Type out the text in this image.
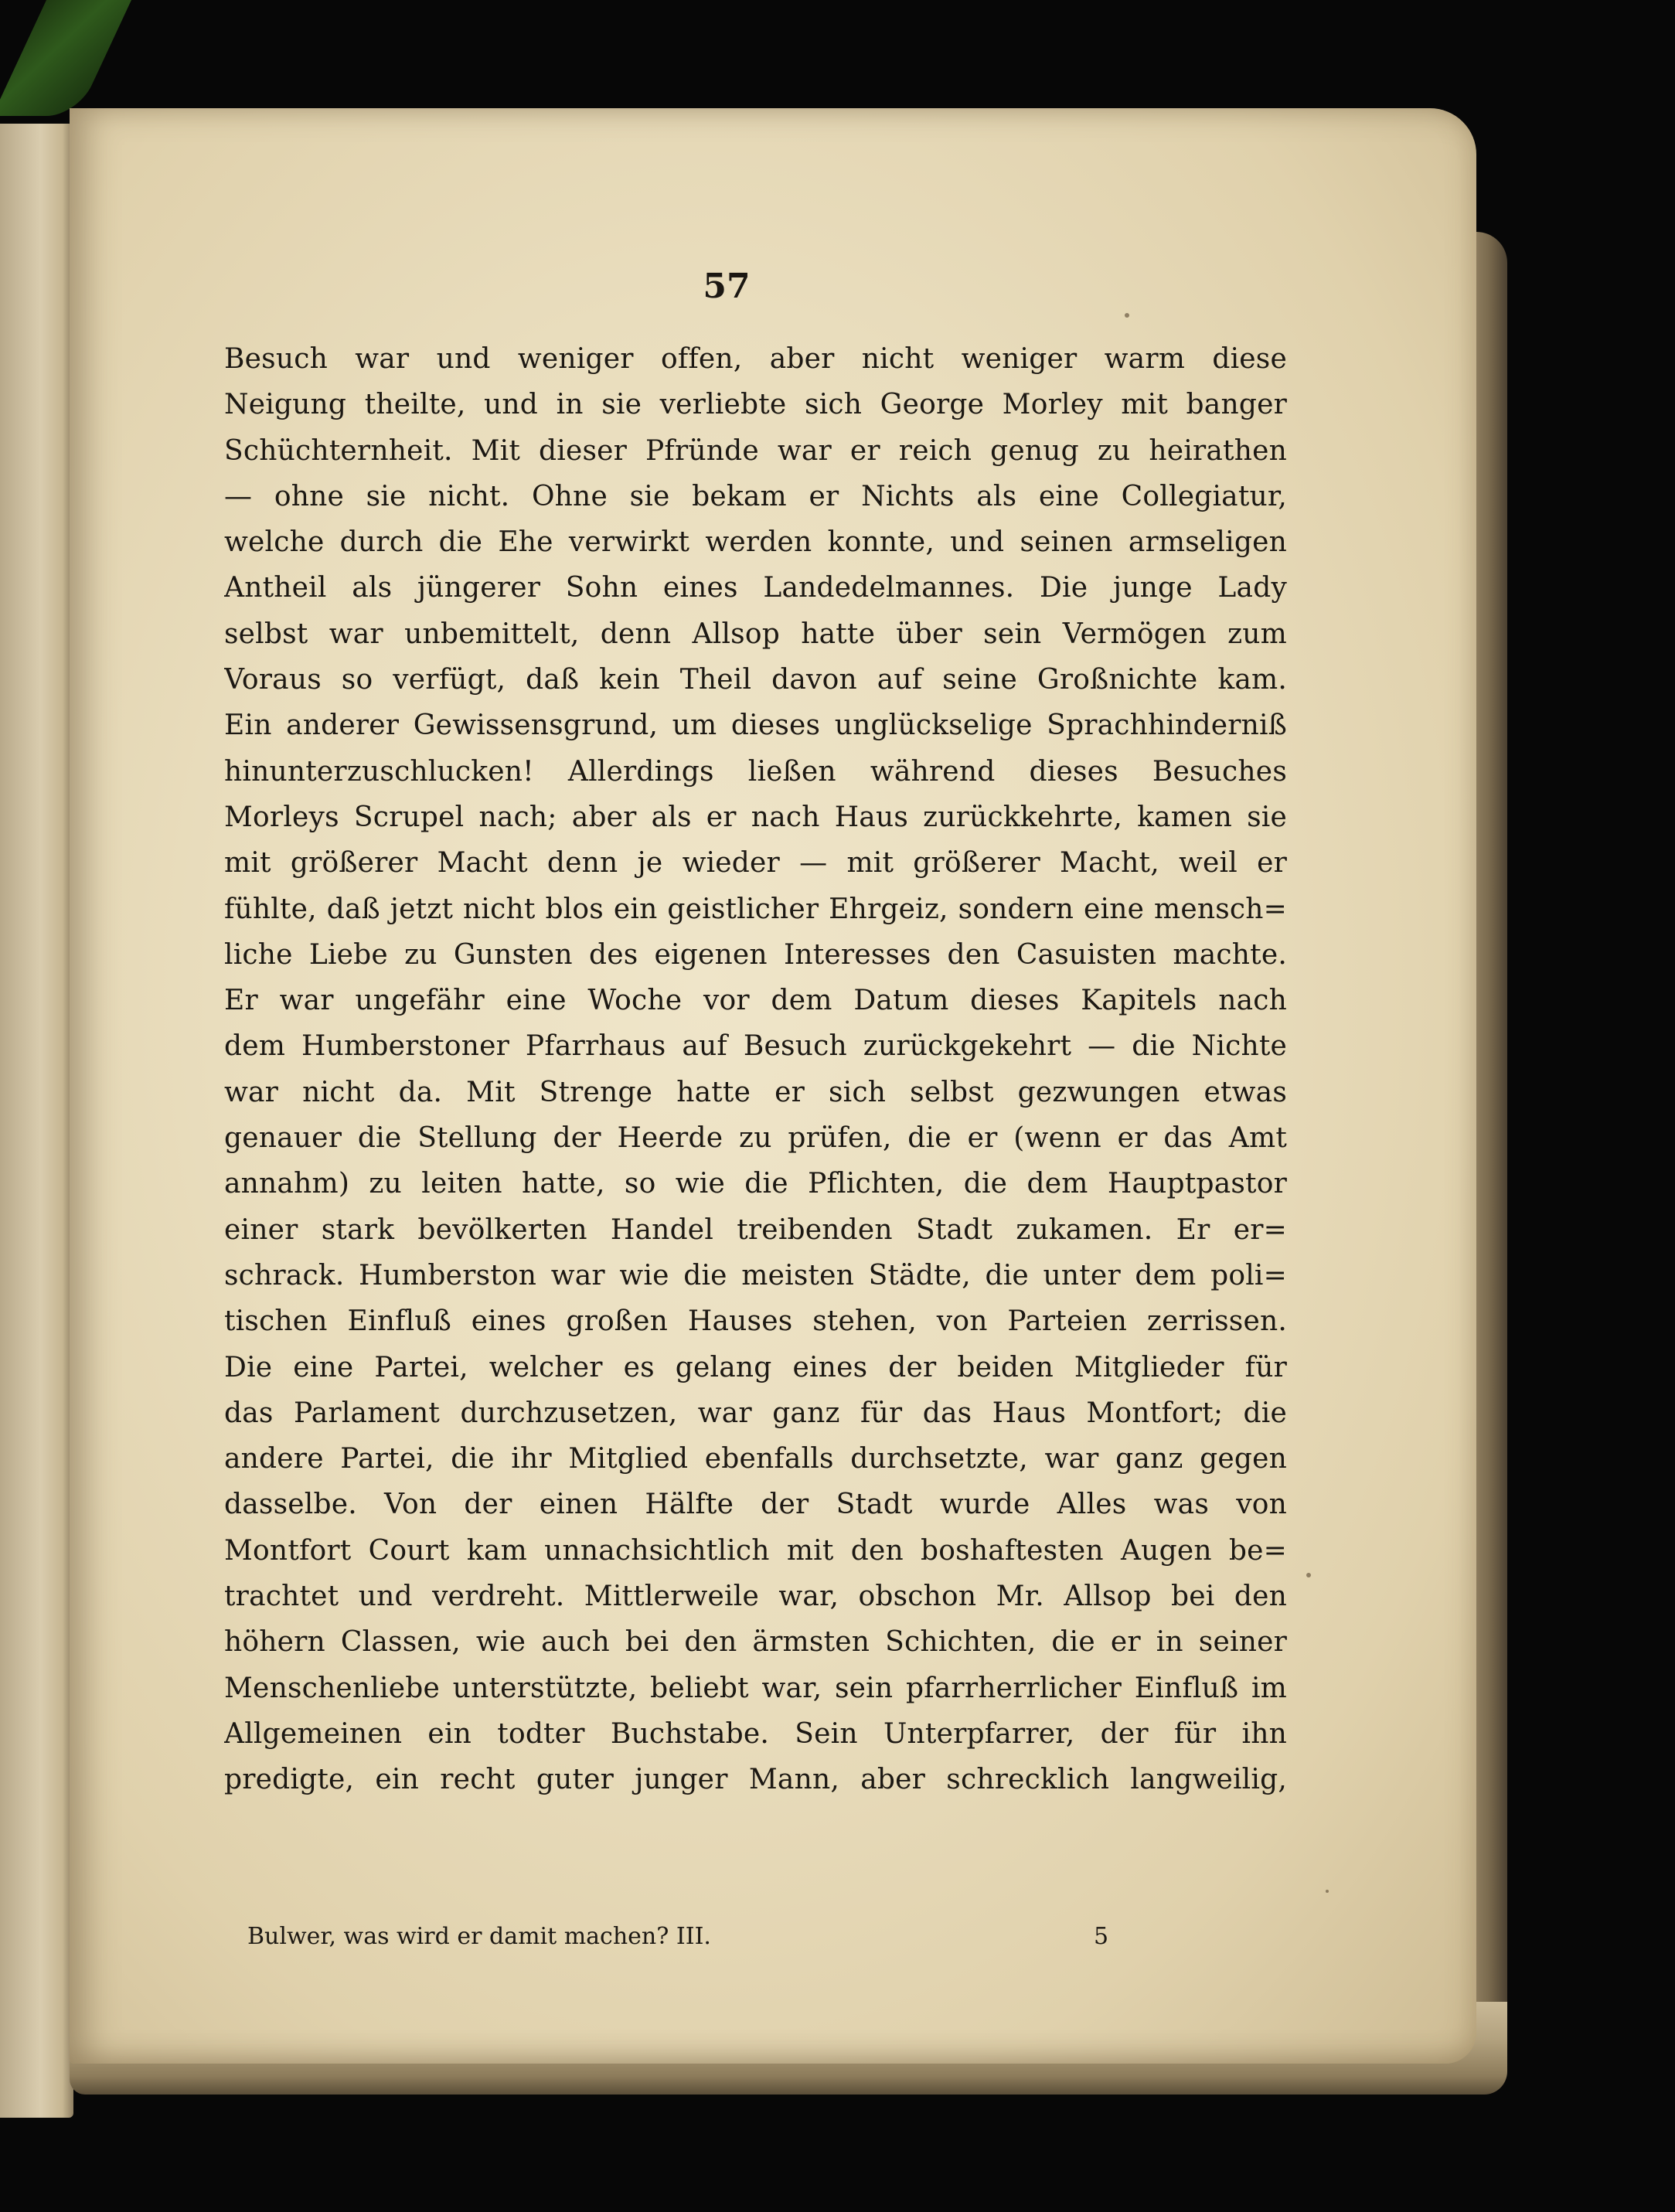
57
Besuch war und weniger offen, aber nicht weniger warm diese
Neigung theilte, und in sie verliebte sich George Morley mit banger
Schüchternheit. Mit dieser Pfründe war er reich genug zu heirathen
— ohne sie nicht. Ohne sie bekam er Nichts als eine Collegiatur,
welche durch die Ehe verwirkt werden konnte, und seinen armseligen
Antheil als jüngerer Sohn eines Landedelmannes. Die junge Lady
selbst war unbemittelt, denn Allsop hatte über sein Vermögen zum
Voraus so verfügt, daß kein Theil davon auf seine Großnichte kam.
Ein anderer Gewissensgrund, um dieses unglückselige Sprachhinderniß
hinunterzuschlucken! Allerdings ließen während dieses Besuches
Morleys Scrupel nach; aber als er nach Haus zurückkehrte, kamen sie
mit größerer Macht denn je wieder — mit größerer Macht, weil er
fühlte, daß jetzt nicht blos ein geistlicher Ehrgeiz, sondern eine mensch=
liche Liebe zu Gunsten des eigenen Interesses den Casuisten machte.
Er war ungefähr eine Woche vor dem Datum dieses Kapitels nach
dem Humberstoner Pfarrhaus auf Besuch zurückgekehrt — die Nichte
war nicht da. Mit Strenge hatte er sich selbst gezwungen etwas
genauer die Stellung der Heerde zu prüfen, die er (wenn er das Amt
annahm) zu leiten hatte, so wie die Pflichten, die dem Hauptpastor
einer stark bevölkerten Handel treibenden Stadt zukamen. Er er=
schrack. Humberston war wie die meisten Städte, die unter dem poli=
tischen Einfluß eines großen Hauses stehen, von Parteien zerrissen.
Die eine Partei, welcher es gelang eines der beiden Mitglieder für
das Parlament durchzusetzen, war ganz für das Haus Montfort; die
andere Partei, die ihr Mitglied ebenfalls durchsetzte, war ganz gegen
dasselbe. Von der einen Hälfte der Stadt wurde Alles was von
Montfort Court kam unnachsichtlich mit den boshaftesten Augen be=
trachtet und verdreht. Mittlerweile war, obschon Mr. Allsop bei den
höhern Classen, wie auch bei den ärmsten Schichten, die er in seiner
Menschenliebe unterstützte, beliebt war, sein pfarrherrlicher Einfluß im
Allgemeinen ein todter Buchstabe. Sein Unterpfarrer, der für ihn
predigte, ein recht guter junger Mann, aber schrecklich langweilig,
Bulwer, was wird er damit machen? III.	5
